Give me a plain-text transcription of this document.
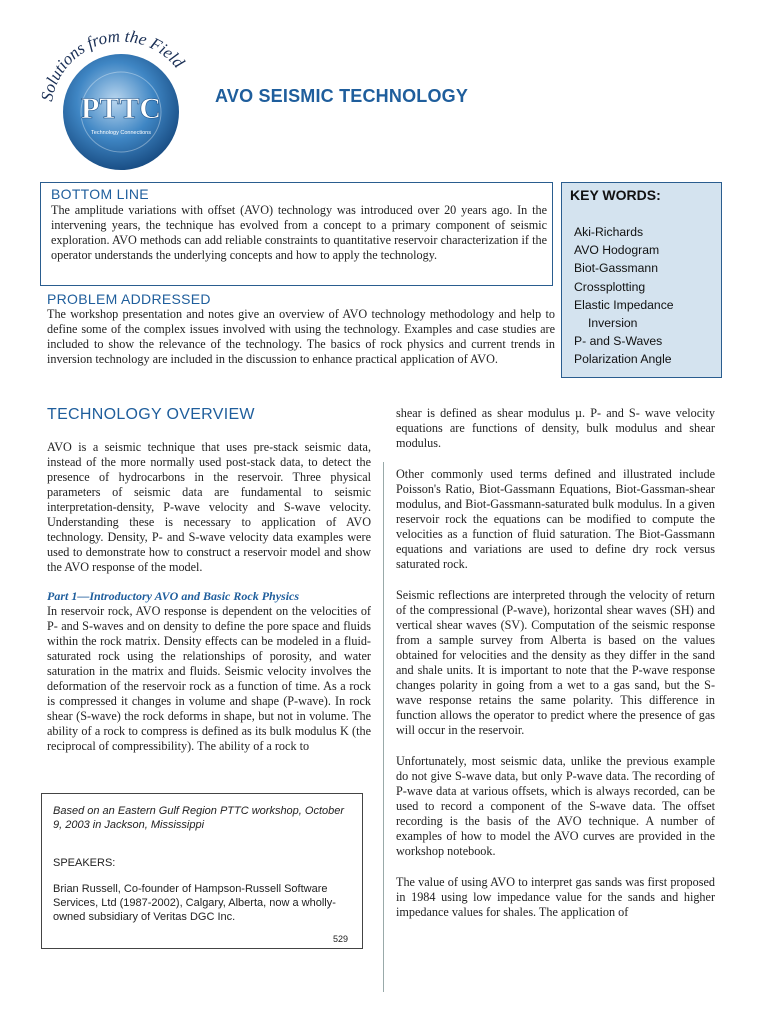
Solutions from the Field
PTTC
Technology Connections
AVO SEISMIC TECHNOLOGY
BOTTOM LINE

The amplitude variations with offset (AVO) technology was introduced over 20 years ago. In the intervening years, the technique has evolved from a concept to a primary component of seismic exploration. AVO methods can add reliable constraints to quantitative reservoir characterization if the operator understands the underlying concepts and how to apply the technology.

PROBLEM ADDRESSED

The workshop presentation and notes give an overview of AVO technology methodology and help to define some of the complex issues involved with using the technology. Examples and case studies are included to show the relevance of the technology. The basics of rock physics and current trends in inversion technology are included in the discussion to enhance practical application of AVO.

KEY WORDS:
Aki-Richards
AVO Hodogram
Biot-Gassmann
Crossplotting
Elastic Impedance
Inversion
P- and S-Waves
Polarization Angle
TECHNOLOGY OVERVIEW

AVO is a seismic technique that uses pre-stack seismic data, instead of the more normally used post-stack data, to detect the presence of hydrocarbons in the reservoir. Three physical parameters of seismic data are fundamental to seismic interpretation-density, P-wave velocity and S-wave velocity. Understanding these is necessary to application of AVO technology. Density, P- and S-wave velocity data examples were used to demonstrate how to construct a reservoir model and show the AVO response of the model.

Part 1—Introductory AVO and Basic Rock Physics

In reservoir rock, AVO response is dependent on the velocities of P- and S-waves and on density to define the pore space and fluids within the rock matrix. Density effects can be modeled in a fluid-saturated rock using the relationships of porosity, and water saturation in the matrix and fluids. Seismic velocity involves the deformation of the reservoir rock as a function of time. As a rock is compressed it changes in volume and shape (P-wave). In rock shear (S-wave) the rock deforms in shape, but not in volume. The ability of a rock to compress is defined as its bulk modulus K (the reciprocal of compressibility). The ability of a rock to

shear is defined as shear modulus µ. P- and S- wave velocity equations are functions of density, bulk modulus and shear modulus.

Other commonly used terms defined and illustrated include Poisson's Ratio, Biot-Gassmann Equations, Biot-Gassman-shear modulus, and Biot-Gassmann-saturated bulk modulus. In a given reservoir rock the equations can be modified to compute the velocities as a function of fluid saturation. The Biot-Gassmann equations and variations are used to define dry rock versus saturated rock.

Seismic reflections are interpreted through the velocity of return of the compressional (P-wave), horizontal shear waves (SH) and vertical shear waves (SV). Computation of the seismic response from a sample survey from Alberta is based on the values obtained for velocities and the density as they differ in the sand and shale units. It is important to note that the P-wave response changes polarity in going from a wet to a gas sand, but the S-wave response retains the same polarity. This difference in function allows the operator to predict where the presence of gas will occur in the reservoir.

Unfortunately, most seismic data, unlike the previous example do not give S-wave data, but only P-wave data. The recording of P-wave data at various offsets, which is always recorded, can be used to record a component of the S-wave data. The offset recording is the basis of the AVO technique. A number of examples of how to model the AVO curves are provided in the workshop notebook.

The value of using AVO to interpret gas sands was first proposed in 1984 using low impedance value for the sands and higher impedance values for shales. The application of

Based on an Eastern Gulf Region PTTC workshop, October 9, 2003 in Jackson, Mississippi

SPEAKERS:

Brian Russell, Co-founder of Hampson-Russell Software Services, Ltd (1987-2002), Calgary, Alberta, now a wholly-owned subsidiary of Veritas DGC Inc.

529
